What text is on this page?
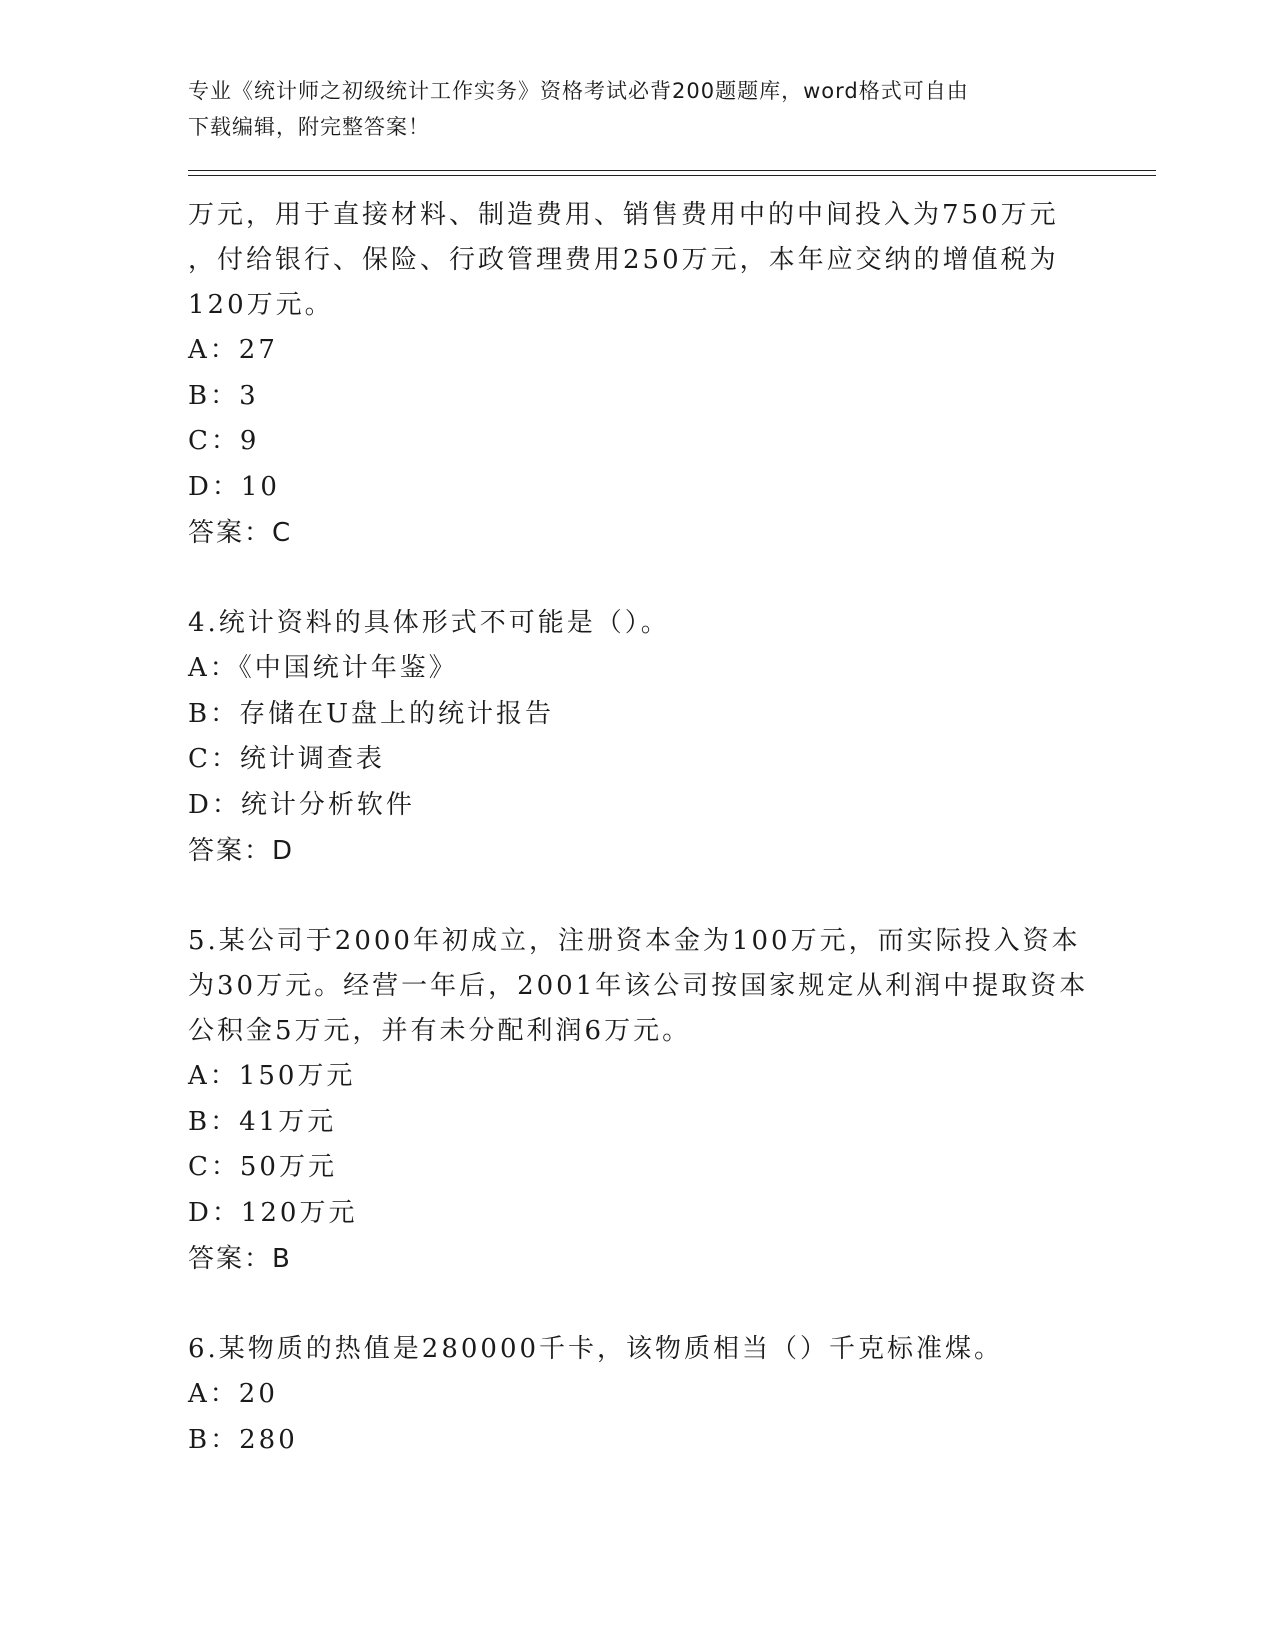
专业《统计师之初级统计工作实务》资格考试必背200题题库，word格式可自由
下载编辑，附完整答案！
万元，用于直接材料、制造费用、销售费用中的中间投入为750万元
，付给银行、保险、行政管理费用250万元，本年应交纳的增值税为
120万元。
A：27
B：3
C：9
D：10
答案：C
4.统计资料的具体形式不可能是（）。
A：《中国统计年鉴》
B：存储在U盘上的统计报告
C：统计调查表
D：统计分析软件
答案：D
5.某公司于2000年初成立，注册资本金为100万元，而实际投入资本
为30万元。经营一年后，2001年该公司按国家规定从利润中提取资本
公积金5万元，并有未分配利润6万元。
A：150万元
B：41万元
C：50万元
D：120万元
答案：B
6.某物质的热值是280000千卡，该物质相当（）千克标准煤。
A：20
B：280
